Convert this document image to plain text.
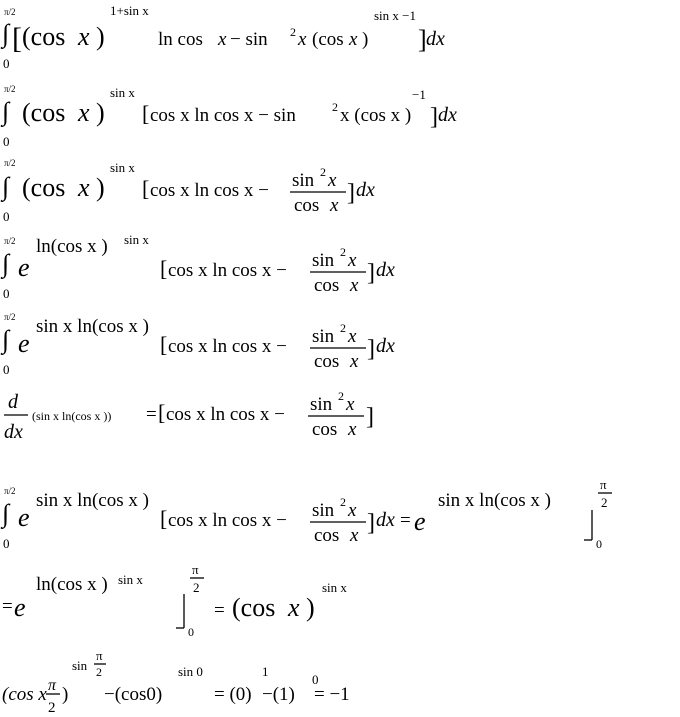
π/2
∫
0
[ (cos x )
1+sin x
ln cos x − sin 2 x (cos x )
sin x −1
] dx
π/2
∫
0
(cos x )
sin x
[ cos x ln cos x − sin	2 x (cos x )
−1
] dx
π/2
∫
0
(cos x )
sin x
[ cos x ln cos x − sin 2 x
cos x ] dx
π/2
∫
0
e
ln(cos x ) sin x
[ cos x ln cos x − sin 2 x
cos x ] dx
π/2
∫
0
e
sin x ln(cos x )
[ cos x ln cos x − sin 2 x
cos x ] dx
d
dx
(sin x ln(cos x )) = [ cos x ln cos x − sin 2 x
cos x ]
π/2
∫
0
e
sin x ln(cos x )
[ cos x ln cos x − sin 2 x
cos x ] dx = e
sin x ln(cos x )
π
2
0
= e
ln(cos x ) sin x
π
2
0
= (cos x )
sin x
(cos x π
2
)
sin
π
2
−(cos0)
sin 0
= (0)
1
−(1)
0
= −1
